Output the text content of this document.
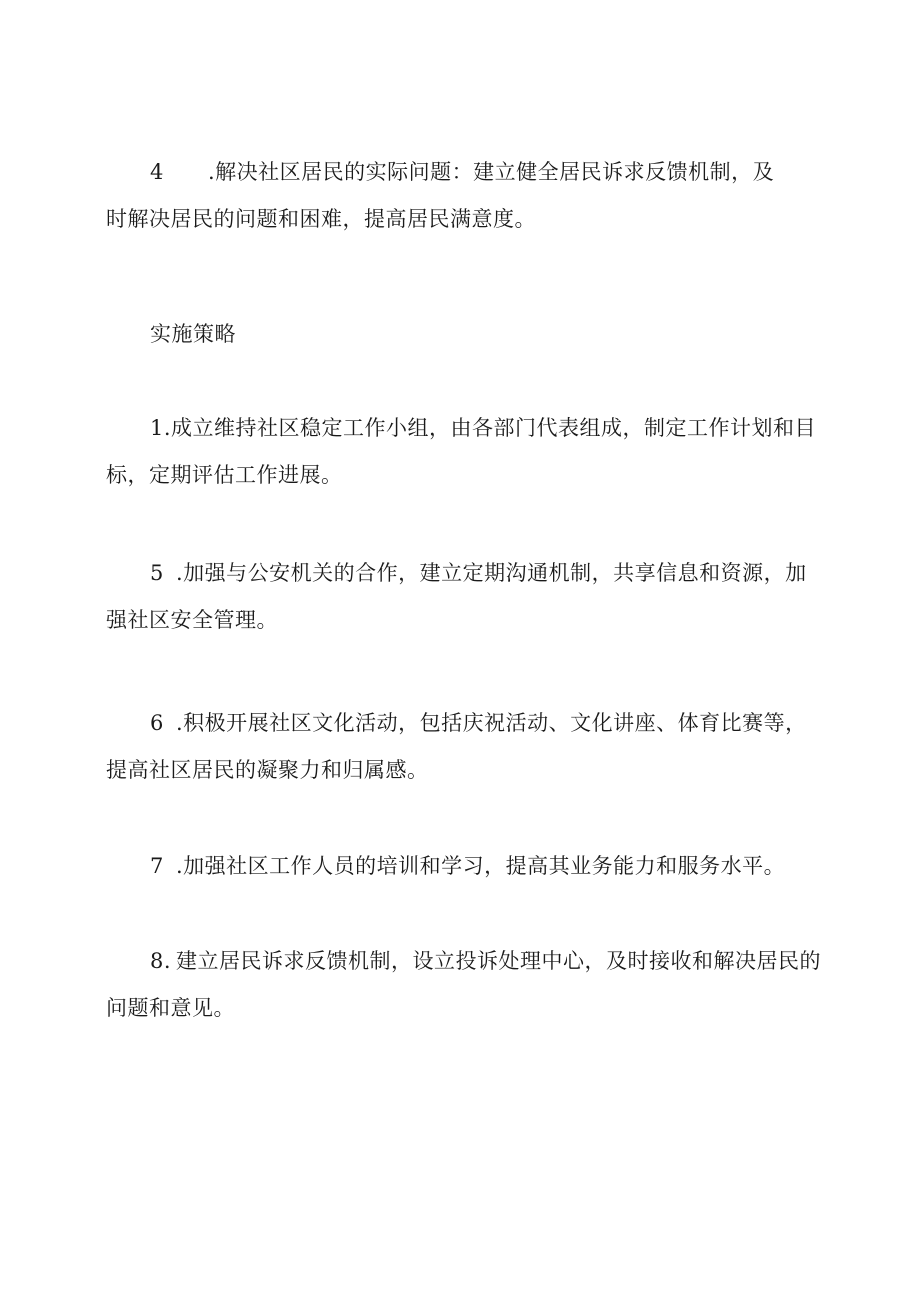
4 .解决社区居民的实际问题：建立健全居民诉求反馈机制，及
时解决居民的问题和困难，提高居民满意度。
实施策略
1.成立维持社区稳定工作小组，由各部门代表组成，制定工作计划和目
标，定期评估工作进展。
5 .加强与公安机关的合作，建立定期沟通机制，共享信息和资源，加
强社区安全管理。
6 .积极开展社区文化活动，包括庆祝活动、文化讲座、体育比赛等，
提高社区居民的凝聚力和归属感。
7 .加强社区工作人员的培训和学习，提高其业务能力和服务水平。
8. 建立居民诉求反馈机制，设立投诉处理中心，及时接收和解决居民的
问题和意见。
